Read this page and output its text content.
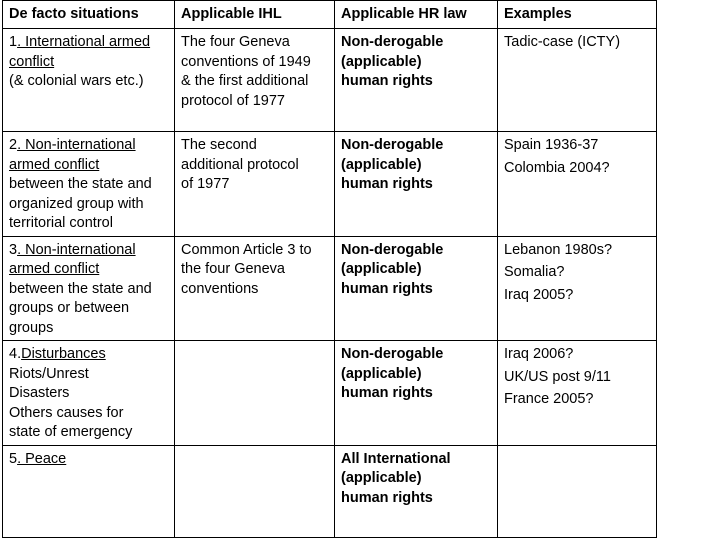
De facto situations	Applicable IHL	Applicable HR law	Examples

1. International armed
conflict
(& colonial wars etc.)	The four Geneva
conventions of 1949
& the first additional
protocol of 1977	Non-derogable
(applicable)
human rights	Tadic-case (ICTY)

2. Non-international
armed conflict
between the state and
organized group with
territorial control	The second
additional protocol
of 1977	Non-derogable
(applicable)
human rights	Spain 1936-37
Colombia 2004?

3. Non-international
armed conflict
between the state and
groups or between
groups	Common Article 3 to
the four Geneva
conventions	Non-derogable
(applicable)
human rights	Lebanon 1980s?
Somalia?
Iraq 2005?

4.Disturbances
Riots/Unrest
Disasters
Others causes for
state of emergency		Non-derogable
(applicable)
human rights	Iraq 2006?
UK/US post 9/11
France 2005?

5. Peace		All International
(applicable)
human rights	
